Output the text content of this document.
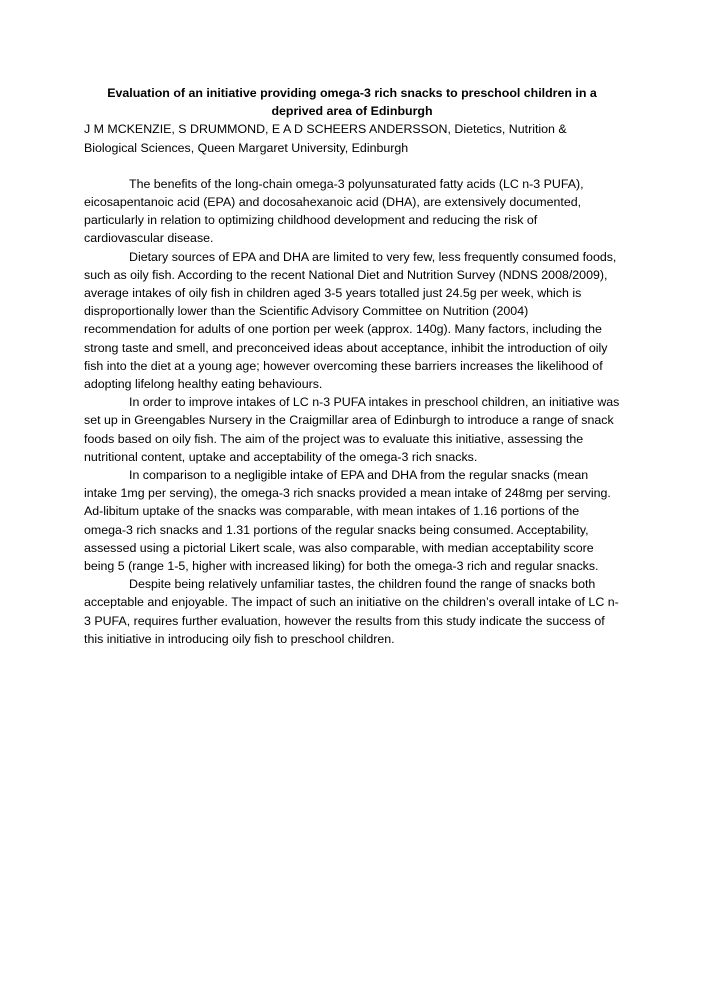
Evaluation of an initiative providing omega-3 rich snacks to preschool children in a deprived area of Edinburgh

J M MCKENZIE, S DRUMMOND, E A D SCHEERS ANDERSSON, Dietetics, Nutrition & Biological Sciences, Queen Margaret University, Edinburgh

The benefits of the long-chain omega-3 polyunsaturated fatty acids (LC n-3 PUFA), eicosapentanoic acid (EPA) and docosahexanoic acid (DHA), are extensively documented, particularly in relation to optimizing childhood development and reducing the risk of cardiovascular disease.

Dietary sources of EPA and DHA are limited to very few, less frequently consumed foods, such as oily fish. According to the recent National Diet and Nutrition Survey (NDNS 2008/2009), average intakes of oily fish in children aged 3-5 years totalled just 24.5g per week, which is disproportionally lower than the Scientific Advisory Committee on Nutrition (2004) recommendation for adults of one portion per week (approx. 140g). Many factors, including the strong taste and smell, and preconceived ideas about acceptance, inhibit the introduction of oily fish into the diet at a young age; however overcoming these barriers increases the likelihood of adopting lifelong healthy eating behaviours.

In order to improve intakes of LC n-3 PUFA intakes in preschool children, an initiative was set up in Greengables Nursery in the Craigmillar area of Edinburgh to introduce a range of snack foods based on oily fish. The aim of the project was to evaluate this initiative, assessing the nutritional content, uptake and acceptability of the omega-3 rich snacks.

In comparison to a negligible intake of EPA and DHA from the regular snacks (mean intake 1mg per serving), the omega-3 rich snacks provided a mean intake of 248mg per serving. Ad-libitum uptake of the snacks was comparable, with mean intakes of 1.16 portions of the omega-3 rich snacks and 1.31 portions of the regular snacks being consumed. Acceptability, assessed using a pictorial Likert scale, was also comparable, with median acceptability score being 5 (range 1-5, higher with increased liking) for both the omega-3 rich and regular snacks.

Despite being relatively unfamiliar tastes, the children found the range of snacks both acceptable and enjoyable. The impact of such an initiative on the children’s overall intake of LC n-3 PUFA, requires further evaluation, however the results from this study indicate the success of this initiative in introducing oily fish to preschool children.
